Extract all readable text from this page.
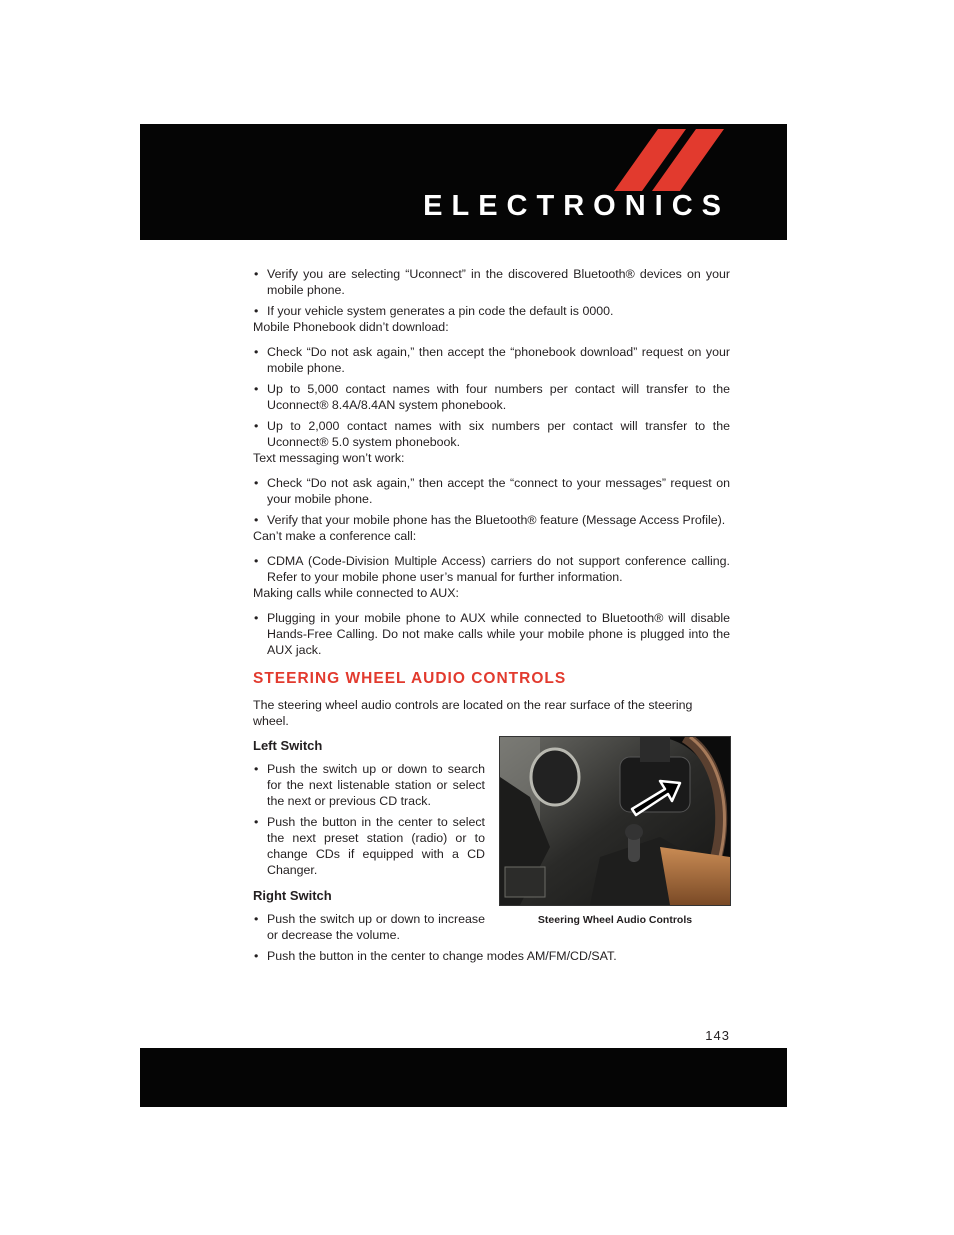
ELECTRONICS
• Verify you are selecting “Uconnect” in the discovered Bluetooth® devices on your mobile phone.
• If your vehicle system generates a pin code the default is 0000.

Mobile Phonebook didn’t download:

• Check “Do not ask again,” then accept the “phonebook download” request on your mobile phone.
• Up to 5,000 contact names with four numbers per contact will transfer to the Uconnect® 8.4A/8.4AN system phonebook.
• Up to 2,000 contact names with six numbers per contact will transfer to the Uconnect® 5.0 system phonebook.

Text messaging won’t work:

• Check “Do not ask again,” then accept the “connect to your messages” request on your mobile phone.
• Verify that your mobile phone has the Bluetooth® feature (Message Access Profile).

Can’t make a conference call:

• CDMA (Code-Division Multiple Access) carriers do not support conference calling. Refer to your mobile phone user’s manual for further information.

Making calls while connected to AUX:

• Plugging in your mobile phone to AUX while connected to Bluetooth® will disable Hands-Free Calling. Do not make calls while your mobile phone is plugged into the AUX jack.
STEERING WHEEL AUDIO CONTROLS

The steering wheel audio controls are located on the rear surface of the steering wheel.

Left Switch
• Push the switch up or down to search for the next listenable station or select the next or previous CD track.
• Push the button in the center to select the next preset station (radio) or to change CDs if equipped with a CD Changer.
Right Switch
• Push the switch up or down to increase or decrease the volume.
Steering Wheel Audio Controls
• Push the button in the center to change modes AM/FM/CD/SAT.
143
